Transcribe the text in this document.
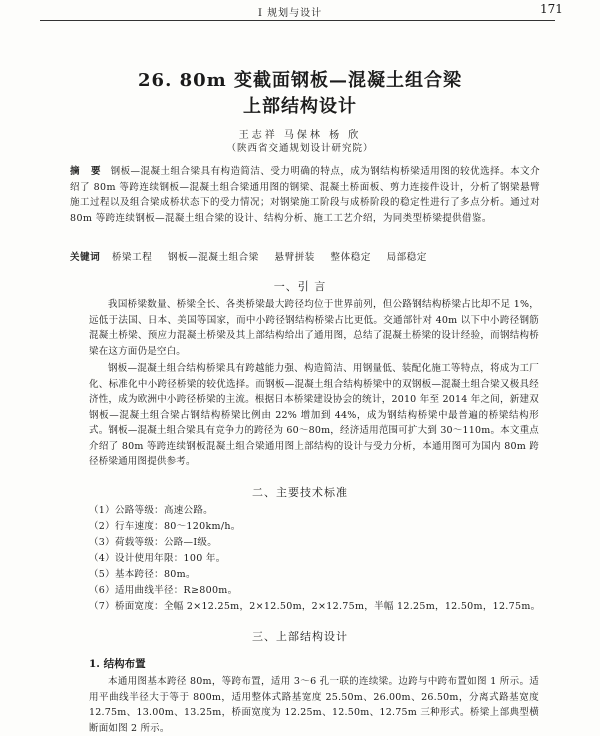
Ⅰ 规划与设计	171
26. 80m 变截面钢板—混凝土组合梁
上部结构设计
王志祥 马保林 杨 欣
（陕西省交通规划设计研究院）
摘 要 钢板—混凝土组合梁具有构造简洁、受力明确的特点，成为钢结构桥梁适用图的较优选择。本文介绍了 80m 等跨连续钢板—混凝土组合梁通用图的钢梁、混凝土桥面板、剪力连接件设计，分析了钢梁悬臂施工过程以及组合梁成桥状态下的受力情况；对钢梁施工阶段与成桥阶段的稳定性进行了多点分析。通过对 80m 等跨连续钢板—混凝土组合梁的设计、结构分析、施工工艺介绍，为同类型桥梁提供借鉴。
关键词 桥梁工程 钢板—混凝土组合梁 悬臂拼装 整体稳定 局部稳定
一、引 言
我国桥梁数量、桥梁全长、各类桥梁最大跨径均位于世界前列，但公路钢结构桥梁占比却不足 1%，远低于法国、日本、美国等国家，而中小跨径钢结构桥梁占比更低。交通部针对 40m 以下中小跨径钢筋混凝土桥梁、预应力混凝土桥梁及其上部结构给出了通用图，总结了混凝土桥梁的设计经验，而钢结构桥梁在这方面仍是空白。
钢板—混凝土组合结构桥梁具有跨越能力强、构造简洁、用钢量低、装配化施工等特点，将成为工厂化、标准化中小跨径桥梁的较优选择。而钢板—混凝土组合结构桥梁中的双钢板—混凝土组合梁又极具经济性，成为欧洲中小跨径桥梁的主流。根据日本桥梁建设协会的统计，2010 年至 2014 年之间，新建双钢板—混凝土组合梁占钢结构桥梁比例由 22% 增加到 44%，成为钢结构桥梁中最普遍的桥梁结构形式。钢板—混凝土组合梁具有竞争力的跨径为 60～80m，经济适用范围可扩大到 30～110m。本文重点介绍了 80m 等跨连续钢板混凝土组合梁通用图上部结构的设计与受力分析，本通用图可为国内 80m 跨径桥梁通用图提供参考。
二、主要技术标准
（1）公路等级：高速公路。
（2）行车速度：80～120km/h。
（3）荷载等级：公路—Ⅰ级。
（4）设计使用年限：100 年。
（5）基本跨径：80m。
（6）适用曲线半径：R≥800m。
（7）桥面宽度：全幅 2×12.25m，2×12.50m，2×12.75m，半幅 12.25m，12.50m，12.75m。
三、上部结构设计
1. 结构布置
本通用图基本跨径 80m，等跨布置，适用 3～6 孔一联的连续梁。边跨与中跨布置如图 1 所示。适用平曲线半径大于等于 800m，适用整体式路基宽度 25.50m、26.00m、26.50m，分离式路基宽度 12.75m、13.00m、13.25m，桥面宽度为 12.25m、12.50m、12.75m 三种形式。桥梁上部典型横断面如图 2 所示。
